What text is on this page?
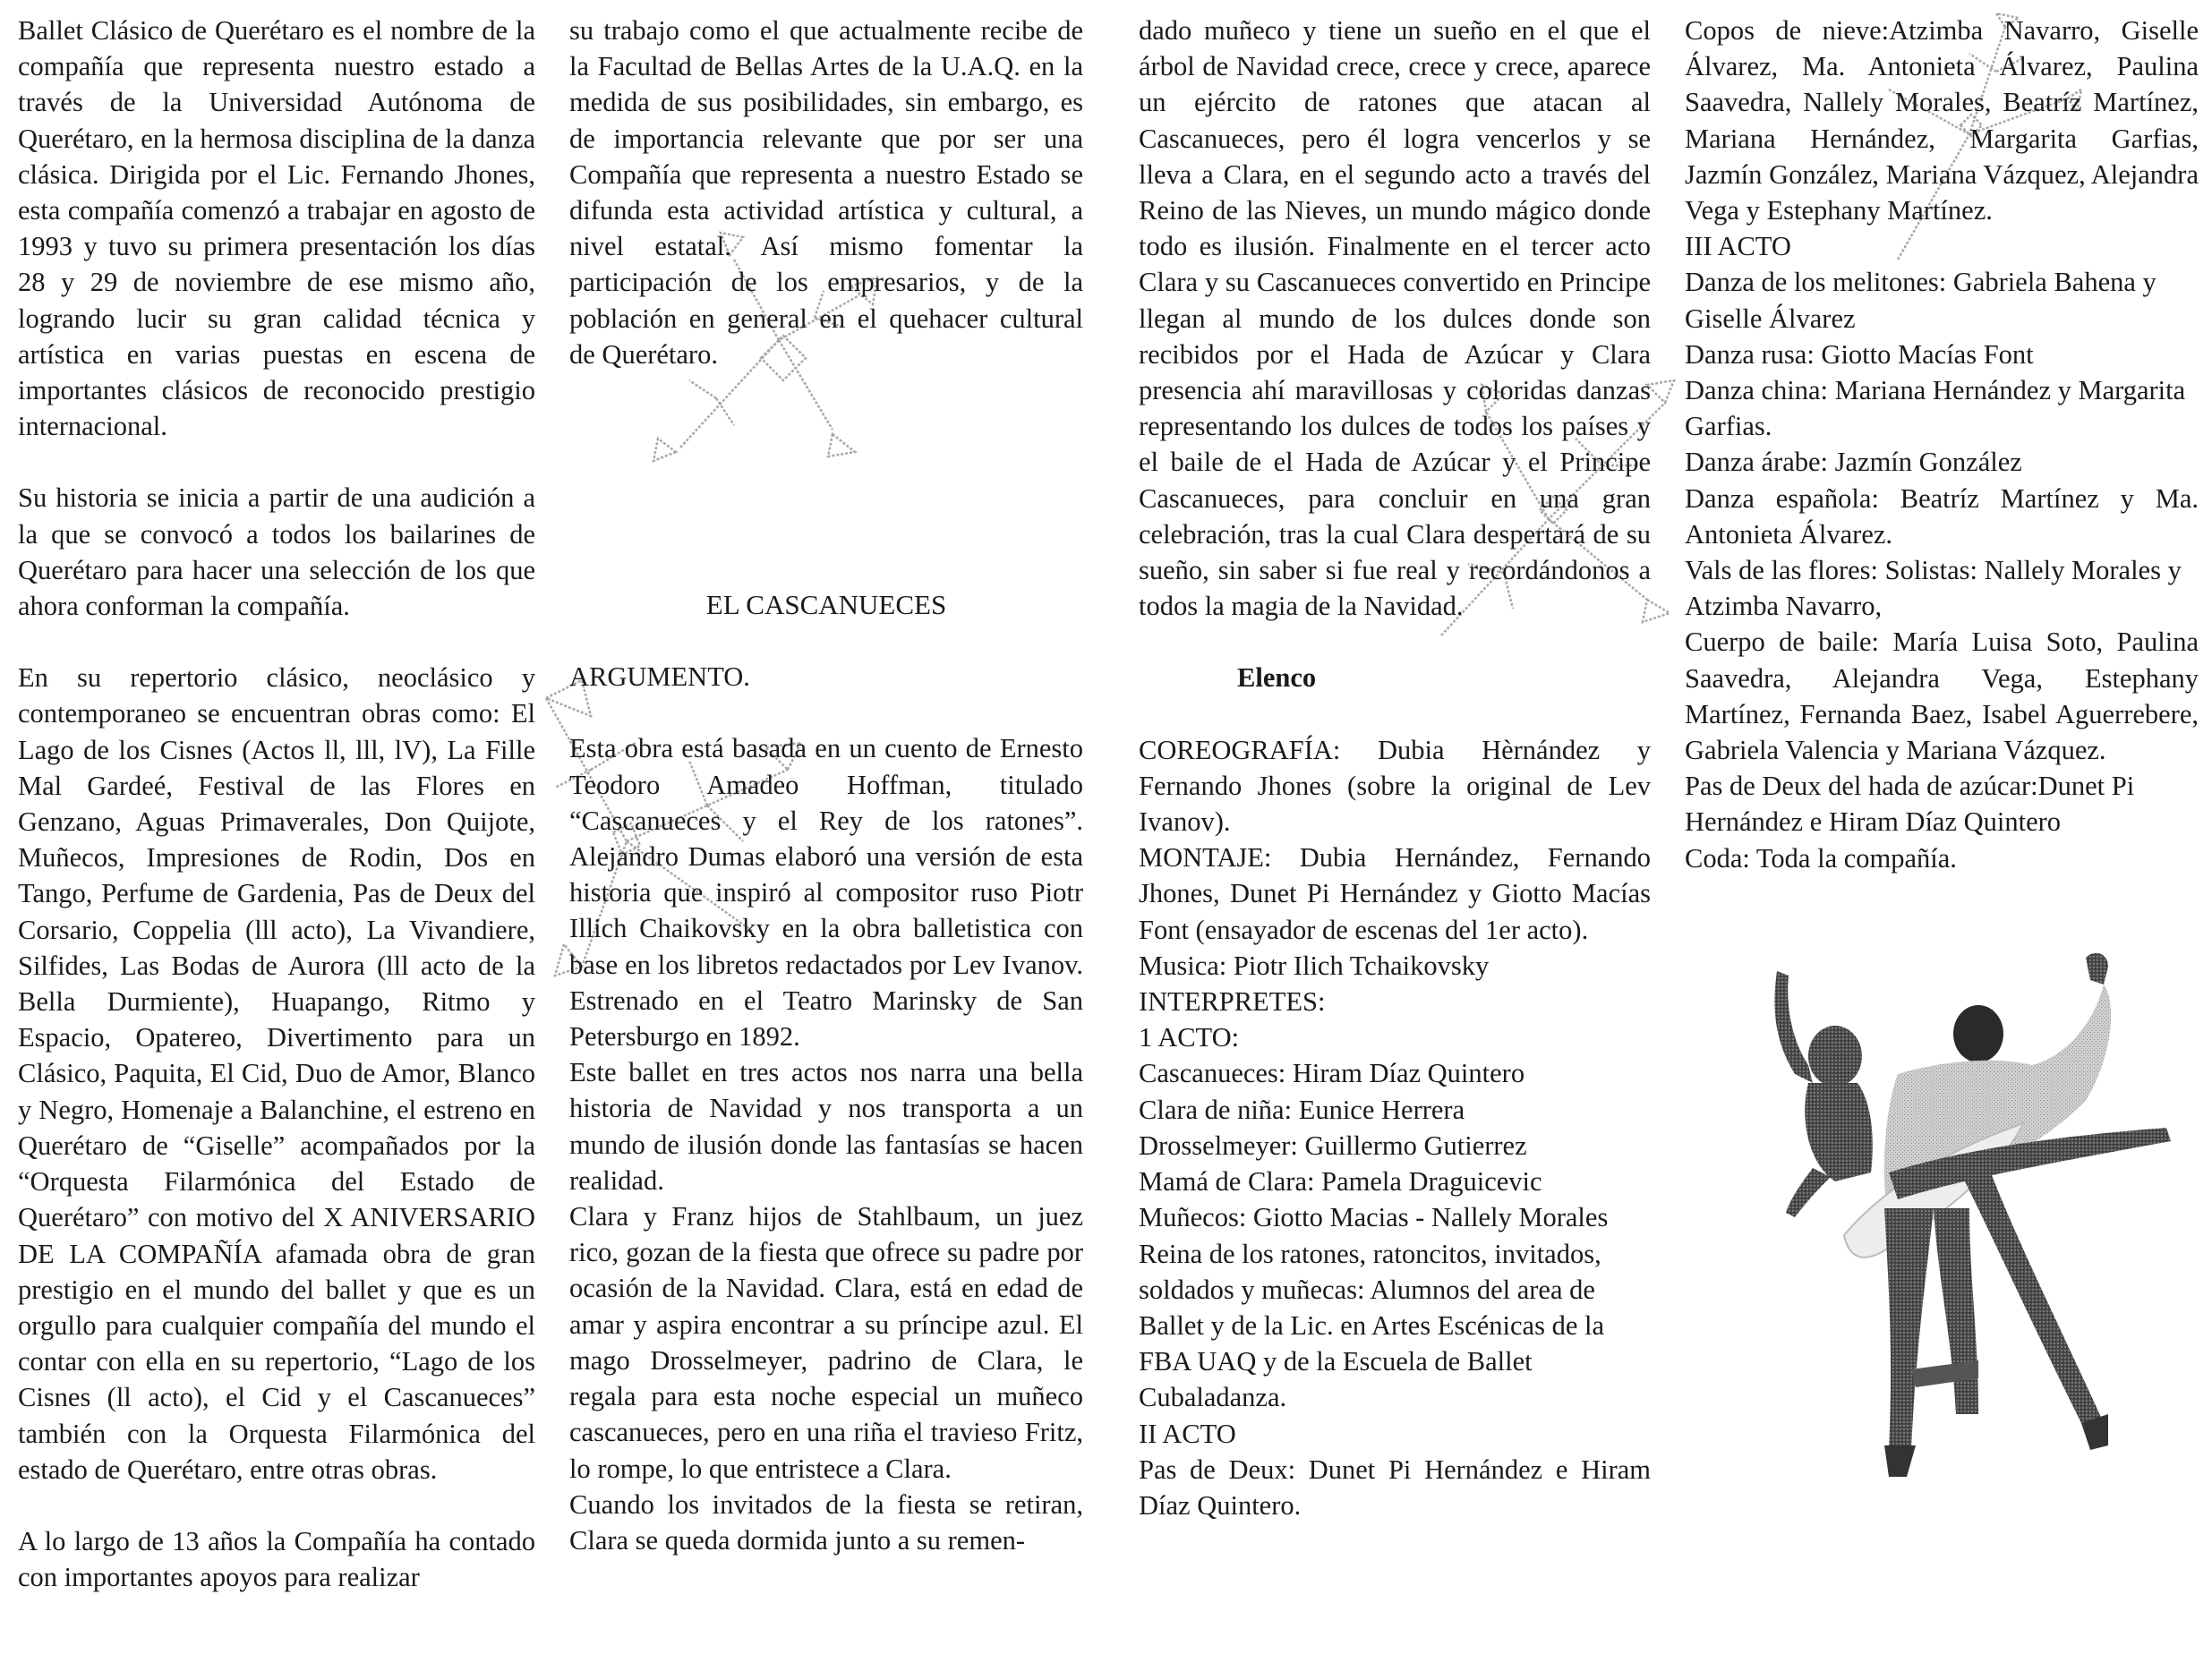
Ballet Clásico de Querétaro es el nombre de la compañía que representa nuestro estado a través de la Universidad Autónoma de Querétaro, en la hermosa disciplina de la danza clásica. Dirigida por el Lic. Fernando Jhones, esta compañía comenzó a trabajar en agosto de 1993 y tuvo su primera presentación los días 28 y 29 de noviembre de ese mismo año, logrando lucir su gran calidad técnica y artística en varias puestas en escena de importantes clásicos de reconocido prestigio internacional.

Su historia se inicia a partir de una audición a la que se convocó a todos los bailarines de Querétaro para hacer una selección de los que ahora conforman la compañía.

En su repertorio clásico, neoclásico y contemporaneo se encuentran obras como: El Lago de los Cisnes (Actos ll, lll, lV), La Fille Mal Gardeé, Festival de las Flores en Genzano, Aguas Primaverales, Don Quijote, Muñecos, Impresiones de Rodin, Dos en Tango, Perfume de Gardenia, Pas de Deux del Corsario, Coppelia (lll acto), La Vivandiere, Silfides, Las Bodas de Aurora (lll acto de la Bella Durmiente), Huapango, Ritmo y Espacio, Opatereo, Divertimento para un Clásico, Paquita, El Cid, Duo de Amor, Blanco y Negro, Homenaje a Balanchine, el estreno en Querétaro de “Giselle” acompañados por la “Orquesta Filarmónica del Estado de Querétaro” con motivo del X ANIVERSARIO DE LA COMPAÑÍA afamada obra de gran prestigio en el mundo del ballet y que es un orgullo para cualquier compañía del mundo el contar con ella en su repertorio, “Lago de los Cisnes (ll acto), el Cid y el Cascanueces” también con la Orquesta Filarmónica del estado de Querétaro, entre otras obras.

A lo largo de 13 años la Compañía ha contado con importantes apoyos para realizar

su trabajo como el que actualmente recibe de la Facultad de Bellas Artes de la U.A.Q. en la medida de sus posibilidades, sin embargo, es de importancia relevante que por ser una Compañía que representa a nuestro Estado se difunda esta actividad artística y cultural, a nivel estatal. Así mismo fomentar la participación de los empresarios, y de la población en general en el quehacer cultural de Querétaro.

EL CASCANUECES

ARGUMENTO.

Esta obra está basada en un cuento de Ernesto Teodoro Amadeo Hoffman, titulado “Cascanueces y el Rey de los ratones”. Alejandro Dumas elaboró una versión de esta historia que inspiró al compositor ruso Piotr Illich Chaikovsky en la obra balletistica con base en los libretos redactados por Lev Ivanov. Estrenado en el Teatro Marinsky de San Petersburgo en 1892.

Este ballet en tres actos nos narra una bella historia de Navidad y nos transporta a un mundo de ilusión donde las fantasías se hacen realidad.

Clara y Franz hijos de Stahlbaum, un juez rico, gozan de la fiesta que ofrece su padre por ocasión de la Navidad. Clara, está en edad de amar y aspira encontrar a su príncipe azul. El mago Drosselmeyer, padrino de Clara, le regala para esta noche especial un muñeco cascanueces, pero en una riña el travieso Fritz, lo rompe, lo que entristece a Clara.

Cuando los invitados de la fiesta se retiran, Clara se queda dormida junto a su remen-

dado muñeco y tiene un sueño en el que el árbol de Navidad crece, crece y crece, aparece un ejército de ratones que atacan al Cascanueces, pero él logra vencerlos y se lleva a Clara, en el segundo acto a través del Reino de las Nieves, un mundo mágico donde todo es ilusión. Finalmente en el tercer acto Clara y su Cascanueces convertido en Principe llegan al mundo de los dulces donde son recibidos por el Hada de Azúcar y Clara presencia ahí maravillosas y coloridas danzas representando los dulces de todos los países y el baile de el Hada de Azúcar y el Principe Cascanueces, para concluir en una gran celebración, tras la cual Clara despertará de su sueño, sin saber si fue real y recordándonos a todos la magia de la Navidad.

Elenco

COREOGRAFÍA: Dubia Hèrnández y Fernando Jhones (sobre la original de Lev Ivanov).

MONTAJE: Dubia Hernández, Fernando Jhones, Dunet Pi Hernández y Giotto Macías Font (ensayador de escenas del 1er acto).

Musica: Piotr Ilich Tchaikovsky

INTERPRETES:

1 ACTO:

Cascanueces: Hiram Díaz Quintero

Clara de niña: Eunice Herrera

Drosselmeyer: Guillermo Gutierrez

Mamá de Clara: Pamela Draguicevic

Muñecos: Giotto Macias - Nallely Morales

Reina de los ratones, ratoncitos, invitados, soldados y muñecas: Alumnos del area de Ballet y de la Lic. en Artes Escénicas de la FBA UAQ y de la Escuela de Ballet Cubaladanza.

II ACTO

Pas de Deux: Dunet Pi Hernández e Hiram Díaz Quintero.

Copos de nieve:Atzimba Navarro, Giselle Álvarez, Ma. Antonieta Álvarez, Paulina Saavedra, Nallely Morales, Beatríz Martínez, Mariana Hernández, Margarita Garfias, Jazmín González, Mariana Vázquez, Alejandra Vega y Estephany Martínez.

III ACTO

Danza de los melitones: Gabriela Bahena y Giselle Álvarez

Danza rusa: Giotto Macías Font

Danza china: Mariana Hernández y Margarita Garfias.

Danza árabe: Jazmín González

Danza española: Beatríz Martínez y Ma. Antonieta Álvarez.

Vals de las flores: Solistas: Nallely Morales y Atzimba Navarro,

Cuerpo de baile: María Luisa Soto, Paulina Saavedra, Alejandra Vega, Estephany Martínez, Fernanda Baez, Isabel Aguerrebere, Gabriela Valencia y Mariana Vázquez.

Pas de Deux del hada de azúcar:Dunet Pi Hernández e Hiram Díaz Quintero

Coda: Toda la compañía.
